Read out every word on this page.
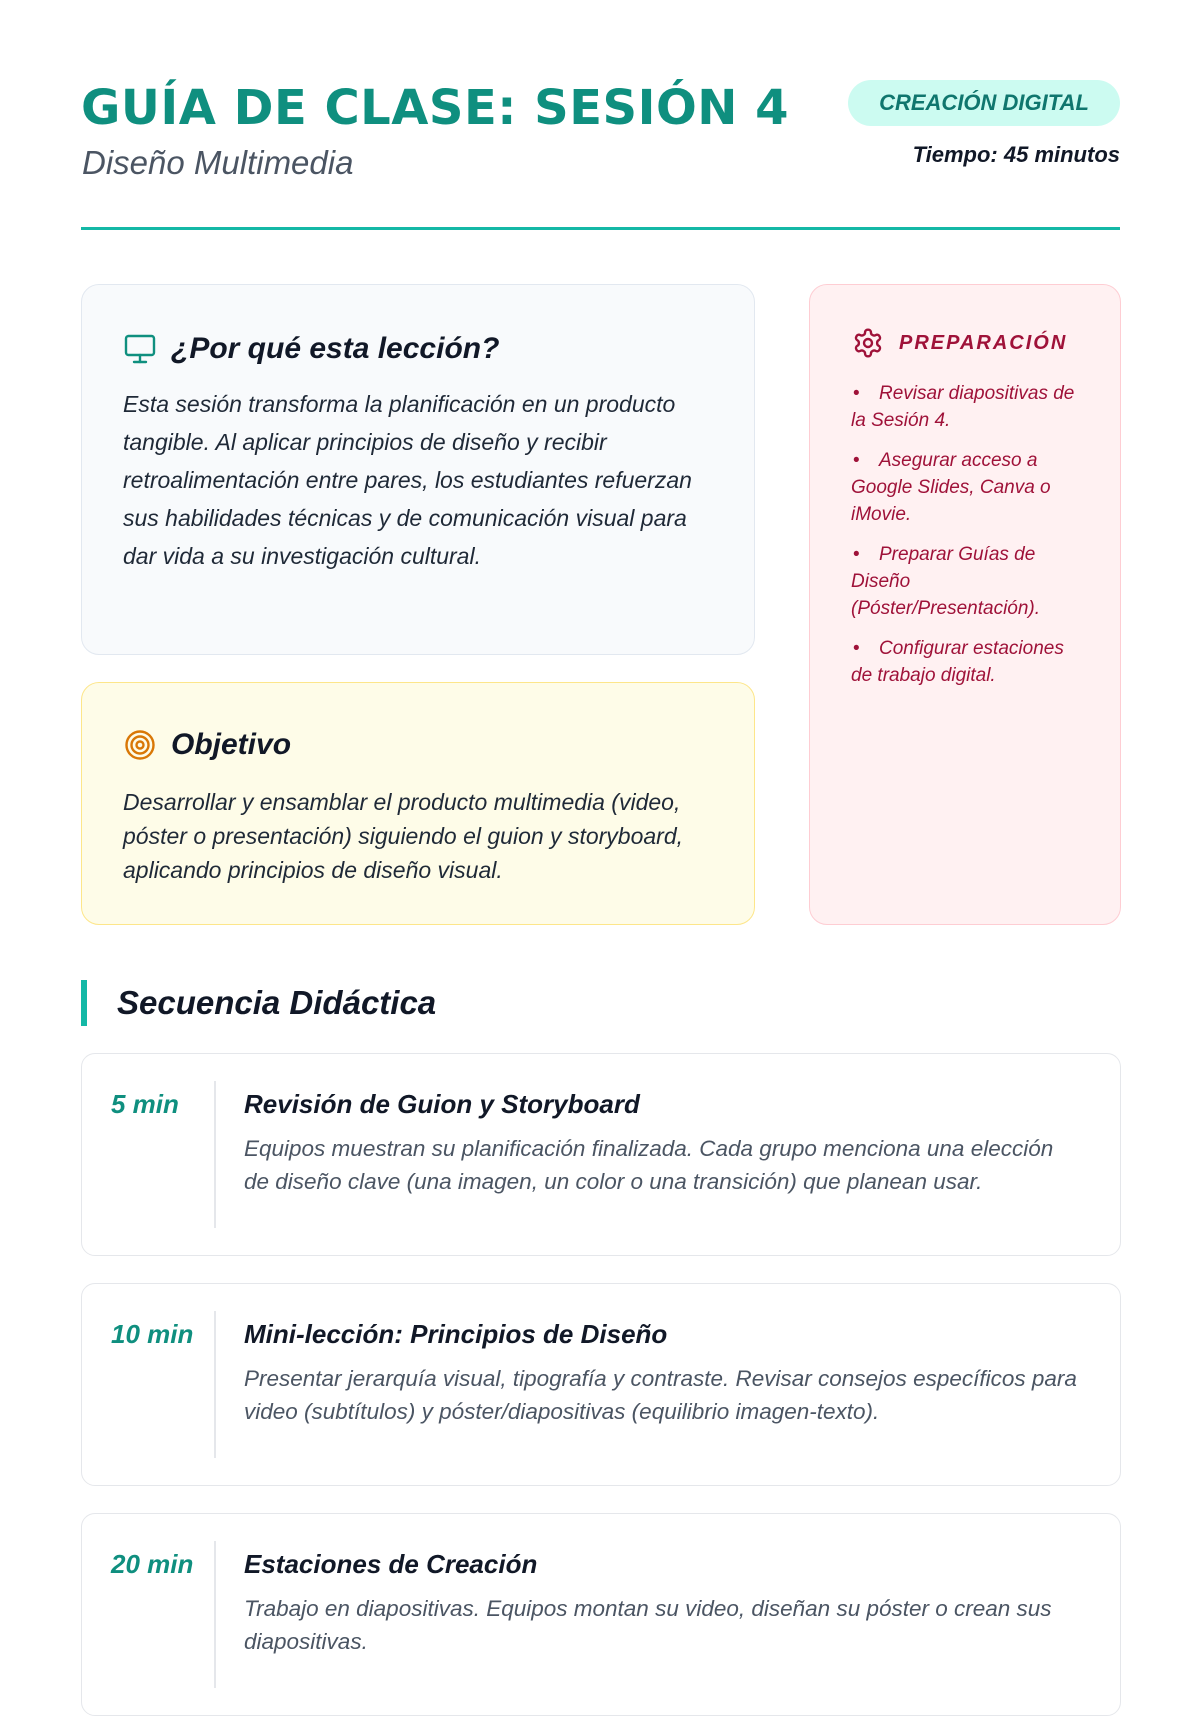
GUÍA DE CLASE: SESIÓN 4
Diseño Multimedia
CREACIÓN DIGITAL
Tiempo: 45 minutos
¿Por qué esta lección?

Esta sesión transforma la planificación en un producto tangible. Al aplicar principios de diseño y recibir retroalimentación entre pares, los estudiantes refuerzan sus habilidades técnicas y de comunicación visual para dar vida a su investigación cultural.

Objetivo

Desarrollar y ensamblar el producto multimedia (video, póster o presentación) siguiendo el guion y storyboard, aplicando principios de diseño visual.

PREPARACIÓN
• Revisar diapositivas de la Sesión 4.
• Asegurar acceso a Google Slides, Canva o iMovie.
• Preparar Guías de Diseño (Póster/Presentación).
• Configurar estaciones de trabajo digital.
Secuencia Didáctica
5 min	Revisión de Guion y Storyboard

Equipos muestran su planificación finalizada. Cada grupo menciona una elección de diseño clave (una imagen, un color o una transición) que planean usar.

10 min Mini-lección: Principios de Diseño

Presentar jerarquía visual, tipografía y contraste. Revisar consejos específicos para video (subtítulos) y póster/diapositivas (equilibrio imagen-texto).

20 min Estaciones de Creación

Trabajo en diapositivas. Equipos montan su video, diseñan su póster o crean sus diapositivas.
